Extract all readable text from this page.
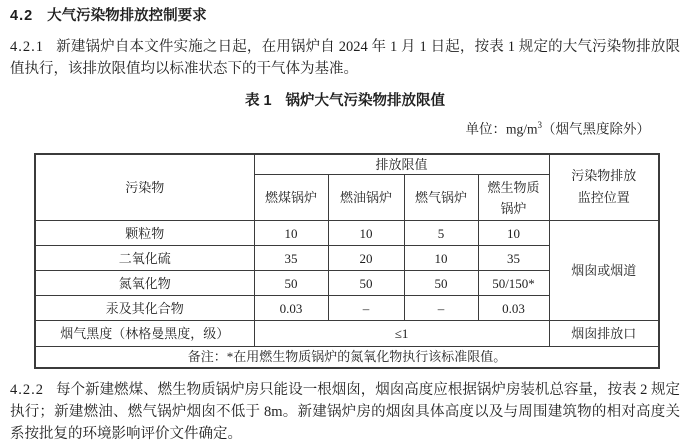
4.2 大气污染物排放控制要求

4.2.1 新建锅炉自本文件实施之日起，在用锅炉自 2024 年 1 月 1 日起，按表 1 规定的大气污染物排放限值执行，该排放限值均以标准状态下的干气体为基准。

表 1 锅炉大气污染物排放限值
单位：$mg/m^3$（烟气黑度除外）
污染物	排放限值				污染物排放监控位置

	燃煤锅炉	燃油锅炉	燃气锅炉	燃生物质锅炉	

颗粒物	10	10	5	10	烟囱或烟道
二氧化硫	35	20	10	35	
氮氧化物	50	50	50	50/150*	
汞及其化合物	0.03	–	–	0.03	
烟气黑度（林格曼黑度，级）	≤1				烟囱排放口
备注：*在用燃生物质锅炉的氮氧化物执行该标准限值。					

4.2.2 每个新建燃煤、燃生物质锅炉房只能设一根烟囱，烟囱高度应根据锅炉房装机总容量，按表 2 规定执行；新建燃油、燃气锅炉烟囱不低于 8m。新建锅炉房的烟囱具体高度以及与周围建筑物的相对高度关系按批复的环境影响评价文件确定。
